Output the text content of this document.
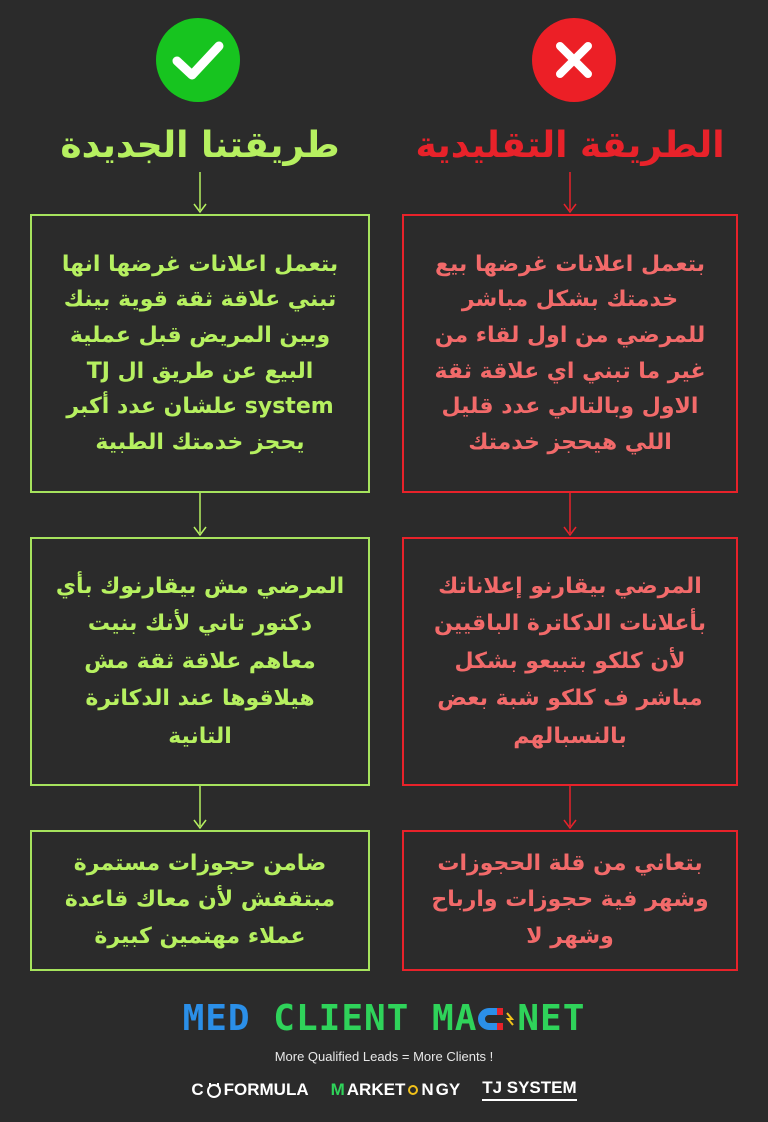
طريقتنا الجديدة	الطريقة التقليدية
بتعمل اعلانات غرضها انها
تبني علاقة ثقة قوية بينك
وبين المريض قبل عملية
البيع عن طريق ال TJ
system علشان عدد أكبر
يحجز خدمتك الطبية
المرضي مش بيقارنوك بأي
دكتور تاني لأنك بنيت
معاهم علاقة ثقة مش
هيلاقوها عند الدكاترة
التانية
ضامن حجوزات مستمرة
مبتقفش لأن معاك قاعدة
عملاء مهتمين كبيرة
بتعمل اعلانات غرضها بيع
خدمتك بشكل مباشر
للمرضي من اول لقاء من
غير ما تبني اي علاقة ثقة
الاول وبالتالي عدد قليل
اللي هيحجز خدمتك
المرضي بيقارنو إعلاناتك
بأعلانات الدكاترة الباقيين
لأن كلكو بتبيعو بشكل
مباشر ف كلكو شبة بعض
بالنسبالهم
بتعاني من قلة الحجوزات
وشهر فية حجوزات وارباح
وشهر لا
MED CLIENT MA NET
More Qualified Leads = More Clients !
C FORMULA M ARKET N GY TJ SYSTEM
